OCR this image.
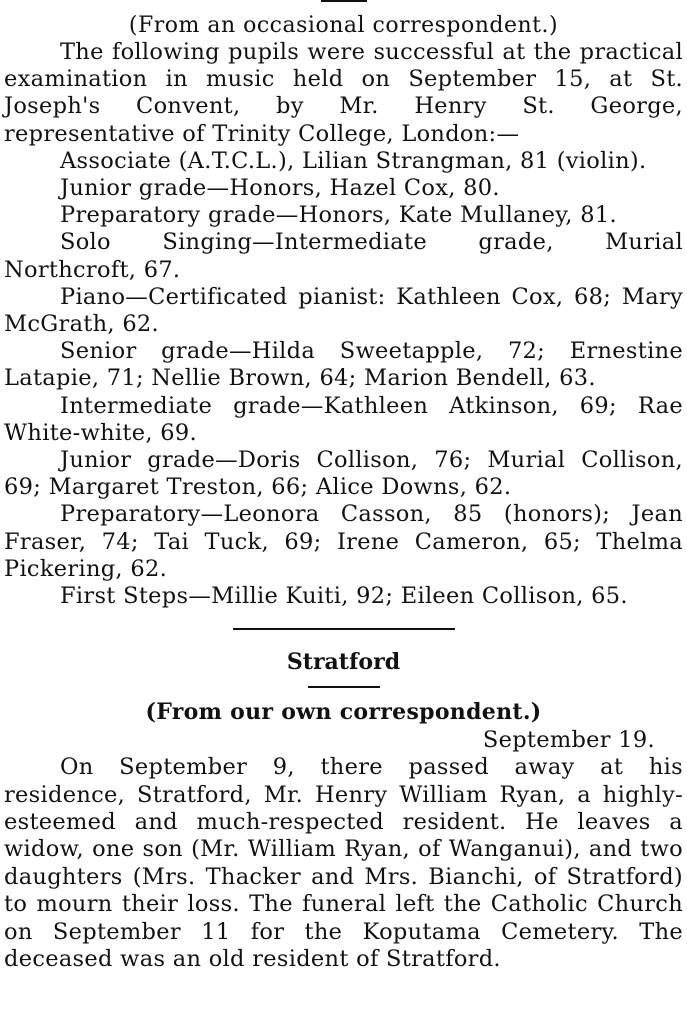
(From an occasional correspondent.)

The following pupils were successful at the practical examination in music held on September 15, at St. Joseph's Convent, by Mr. Henry St. George, representative of Trinity College, London:—

Associate (A.T.C.L.), Lilian Strangman, 81 (violin).

Junior grade—Honors, Hazel Cox, 80.

Preparatory grade—Honors, Kate Mullaney, 81.

Solo Singing—Intermediate grade, Murial Northcroft, 67.

Piano—Certificated pianist: Kathleen Cox, 68; Mary McGrath, 62.

Senior grade—Hilda Sweetapple, 72; Ernestine Latapie, 71; Nellie Brown, 64; Marion Bendell, 63.

Intermediate grade—Kathleen Atkinson, 69; Rae White-white, 69.

Junior grade—Doris Collison, 76; Murial Collison, 69; Margaret Treston, 66; Alice Downs, 62.

Preparatory—Leonora Casson, 85 (honors); Jean Fraser, 74; Tai Tuck, 69; Irene Cameron, 65; Thelma Pickering, 62.

First Steps—Millie Kuiti, 92; Eileen Collison, 65.

Stratford

(From our own correspondent.)

September 19.

On September 9, there passed away at his residence, Stratford, Mr. Henry William Ryan, a highly-esteemed and much-respected resident. He leaves a widow, one son (Mr. William Ryan, of Wanganui), and two daughters (Mrs. Thacker and Mrs. Bianchi, of Stratford) to mourn their loss. The funeral left the Catholic Church on September 11 for the Koputama Cemetery. The deceased was an old resident of Stratford.
